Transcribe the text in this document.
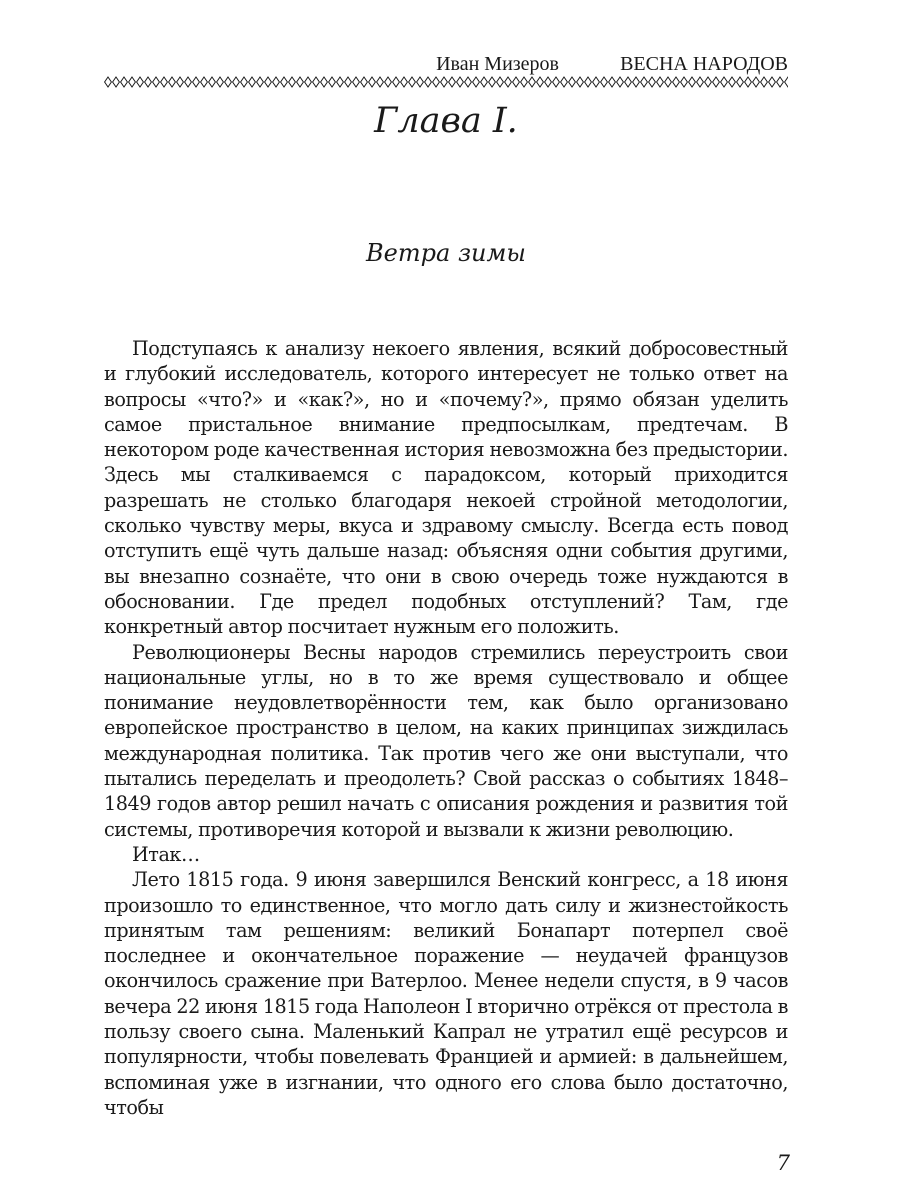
Иван Мизеров	ВЕСНА НАРОДОВ
Глава I.
Ветра зимы

Подступаясь к анализу некоего явления, всякий добросовестный и глубокий исследователь, которого интересует не только ответ на вопросы «что?» и «как?», но и «почему?», прямо обязан уделить самое пристальное внимание предпосылкам, предтечам. В некотором роде качественная история невозможна без предыстории. Здесь мы сталкиваемся с парадоксом, который приходится разрешать не столько благодаря некоей стройной методологии, сколько чувству меры, вкуса и здравому смыслу. Всегда есть повод отступить ещё чуть дальше назад: объясняя одни события другими, вы внезапно сознаёте, что они в свою очередь тоже нуждаются в обосновании. Где предел подобных отступлений? Там, где конкретный автор посчитает нужным его положить.

Революционеры Весны народов стремились переустроить свои национальные углы, но в то же время существовало и общее понимание неудовлетворённости тем, как было организовано европейское пространство в целом, на каких принципах зиждилась международная политика. Так против чего же они выступали, что пытались переделать и преодолеть? Свой рассказ о событиях 1848–1849 годов автор решил начать с описания рождения и развития той системы, противоречия которой и вызвали к жизни революцию.

Итак…

Лето 1815 года. 9 июня завершился Венский конгресс, а 18 июня произошло то единственное, что могло дать силу и жизнестойкость принятым там решениям: великий Бонапарт потерпел своё последнее и окончательное поражение — неудачей французов окончилось сражение при Ватерлоо. Менее недели спустя, в 9 часов вечера 22 июня 1815 года Наполеон I вторично отрёкся от престола в пользу своего сына. Маленький Капрал не утратил ещё ресурсов и популярности, чтобы повелевать Францией и армией: в дальнейшем, вспоминая уже в изгнании, что одного его слова было достаточно, чтобы

7
